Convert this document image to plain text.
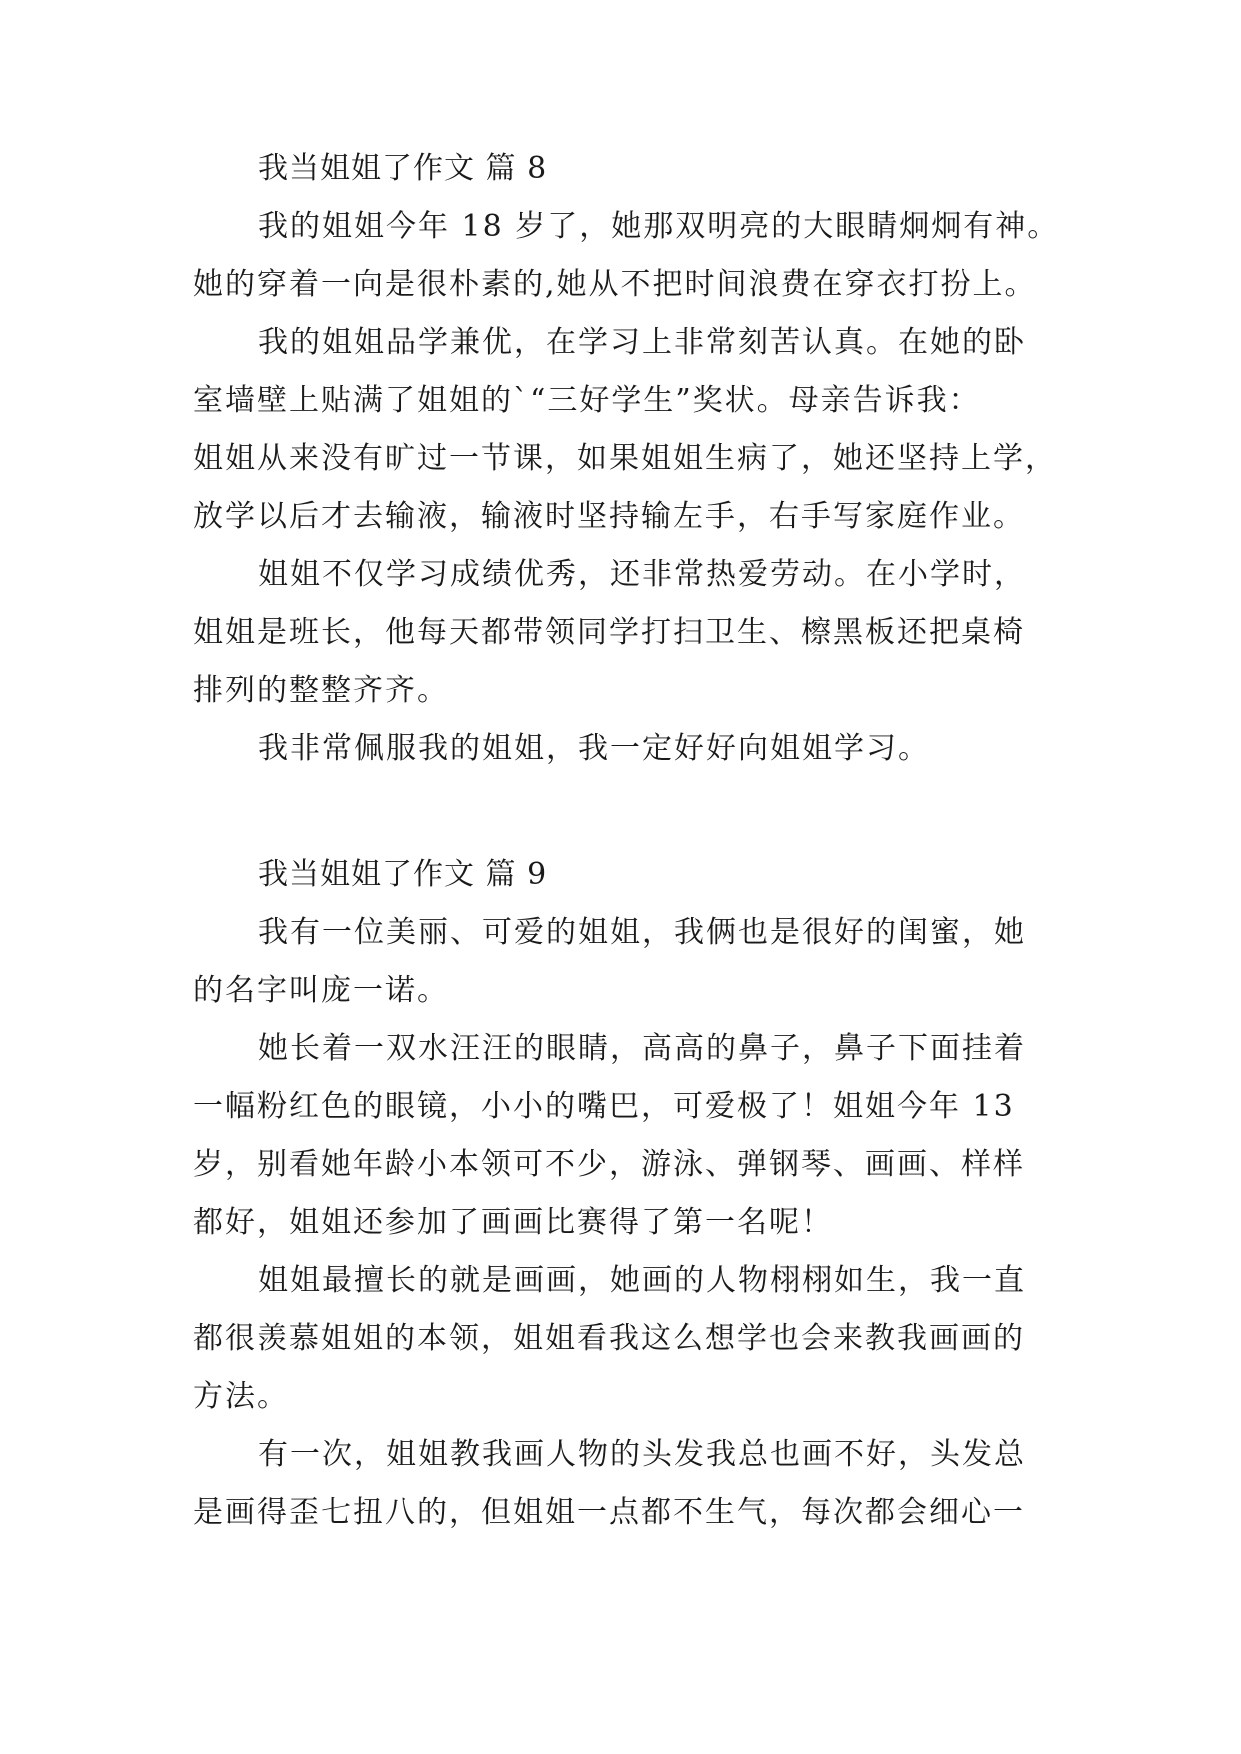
我当姐姐了作文 篇 8
我的姐姐今年 18 岁了，她那双明亮的大眼睛炯炯有神。
她的穿着一向是很朴素的,她从不把时间浪费在穿衣打扮上。
我的姐姐品学兼优，在学习上非常刻苦认真。在她的卧
室墙壁上贴满了姐姐的`“三好学生”奖状。母亲告诉我：
姐姐从来没有旷过一节课，如果姐姐生病了，她还坚持上学，
放学以后才去输液，输液时坚持输左手，右手写家庭作业。
姐姐不仅学习成绩优秀，还非常热爱劳动。在小学时，
姐姐是班长，他每天都带领同学打扫卫生、檫黑板还把桌椅
排列的整整齐齐。
我非常佩服我的姐姐，我一定好好向姐姐学习。
我当姐姐了作文 篇 9
我有一位美丽、可爱的姐姐，我俩也是很好的闺蜜，她
的名字叫庞一诺。
她长着一双水汪汪的眼睛，高高的鼻子，鼻子下面挂着
一幅粉红色的眼镜，小小的嘴巴，可爱极了！姐姐今年 13
岁，别看她年龄小本领可不少，游泳、弹钢琴、画画、样样
都好，姐姐还参加了画画比赛得了第一名呢！
姐姐最擅长的就是画画，她画的人物栩栩如生，我一直
都很羡慕姐姐的本领，姐姐看我这么想学也会来教我画画的
方法。
有一次，姐姐教我画人物的头发我总也画不好，头发总
是画得歪七扭八的，但姐姐一点都不生气，每次都会细心一
